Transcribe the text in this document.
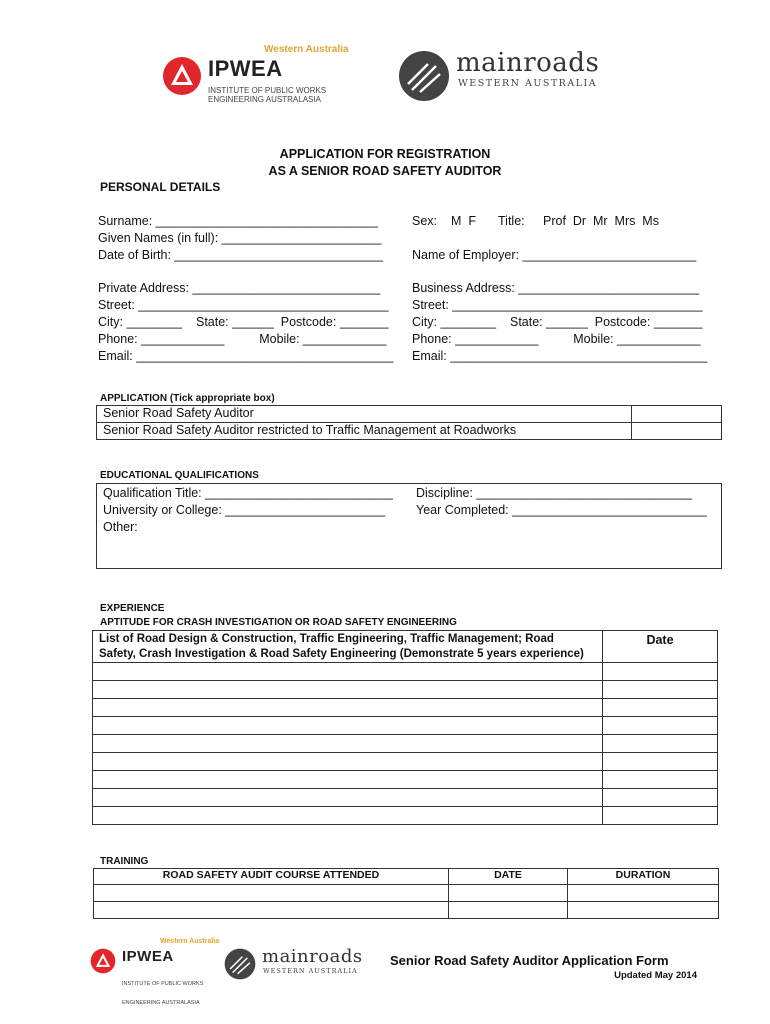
Western Australia
IPWEA
INSTITUTE OF PUBLIC WORKS
ENGINEERING AUSTRALASIA
mainroads
WESTERN AUSTRALIA
APPLICATION FOR REGISTRATION
AS A SENIOR ROAD SAFETY AUDITOR
PERSONAL DETAILS
Surname: ________________________________
Given Names (in full): _______________________
Date of Birth: ______________________________
Sex: M  F Title: Prof  Dr  Mr  Mrs  Ms
Name of Employer: _________________________
Private Address: ___________________________
Street: ____________________________________
City: ________    State: ______  Postcode: _______
Phone: ____________          Mobile: ____________
Email: _____________________________________
Business Address: __________________________
Street: ____________________________________
City: ________    State: ______  Postcode: _______
Phone: ____________          Mobile: ____________
Email: _____________________________________
APPLICATION (Tick appropriate box)
Senior Road Safety Auditor	
Senior Road Safety Auditor restricted to Traffic Management at Roadworks	
EDUCATIONAL QUALIFICATIONS
Qualification Title: ___________________________
University or College: _______________________
Other:
Discipline: _______________________________
Year Completed: ____________________________
EXPERIENCE
APTITUDE FOR CRASH INVESTIGATION OR ROAD SAFETY ENGINEERING
List of Road Design & Construction, Traffic Engineering, Traffic Management; Road
Safety, Crash Investigation & Road Safety Engineering (Demonstrate 5 years experience)	Date

TRAINING
ROAD SAFETY AUDIT COURSE ATTENDED	DATE	DURATION

Western Australia
IPWEA

INSTITUTE OF PUBLIC WORKS

ENGINEERING AUSTRALASIA

mainroads
WESTERN AUSTRALIA
Senior Road Safety Auditor Application Form
Updated May 2014
